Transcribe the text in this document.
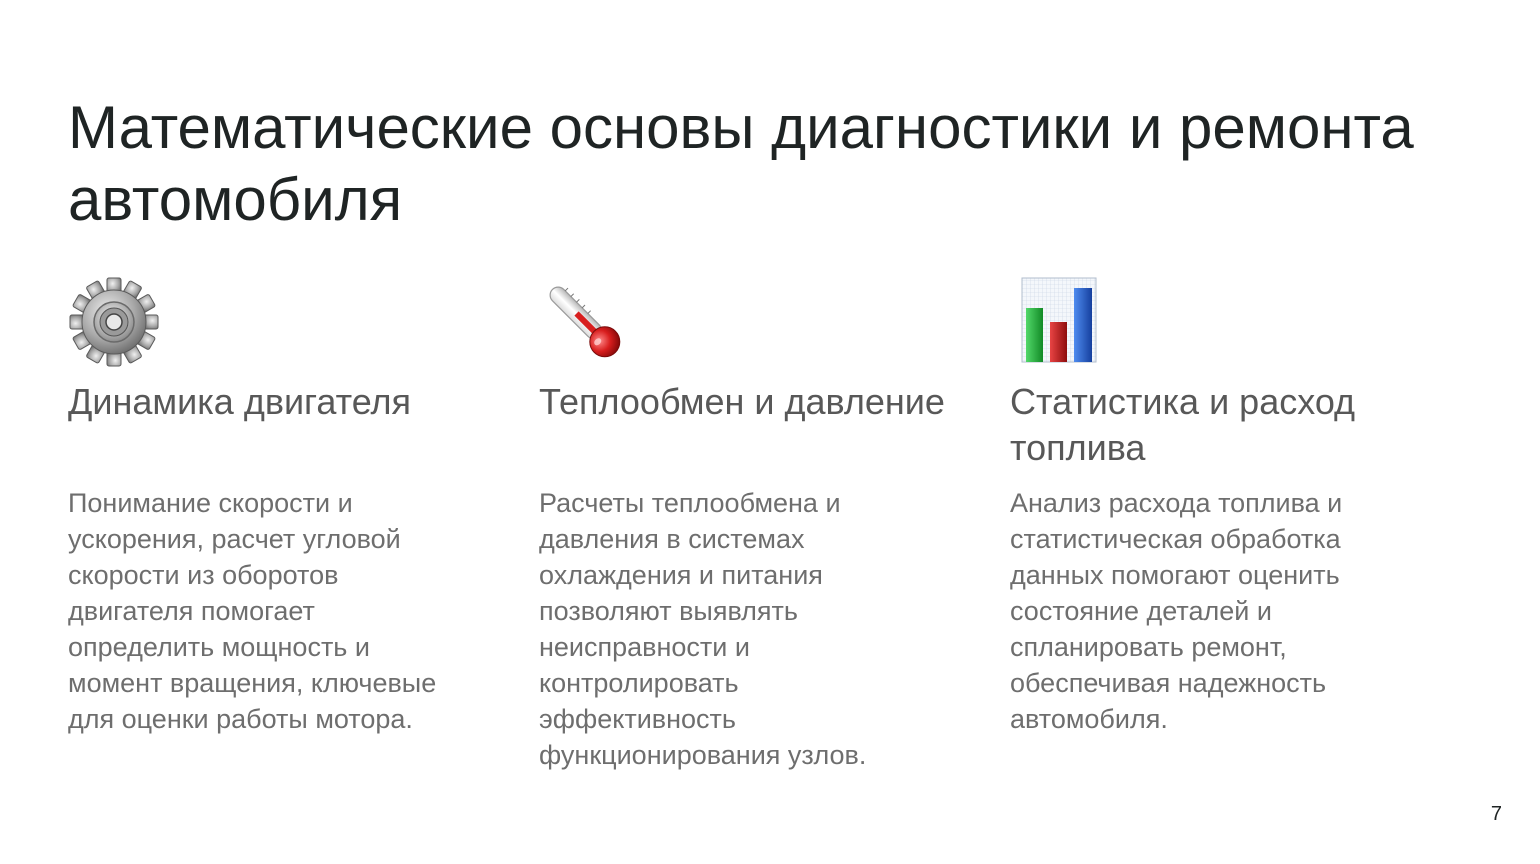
Математические основы диагностики и ремонта автомобиля
Динамика двигателя

Понимание скорости и ускорения, расчет угловой скорости из оборотов двигателя помогает определить мощность и момент вращения, ключевые для оценки работы мотора.

Теплообмен и давление

Расчеты теплообмена и давления в системах охлаждения и питания позволяют выявлять неисправности и контролировать эффективность функционирования узлов.

Статистика и расход топлива

Анализ расхода топлива и статистическая обработка данных помогают оценить состояние деталей и спланировать ремонт, обеспечивая надежность автомобиля.

7
